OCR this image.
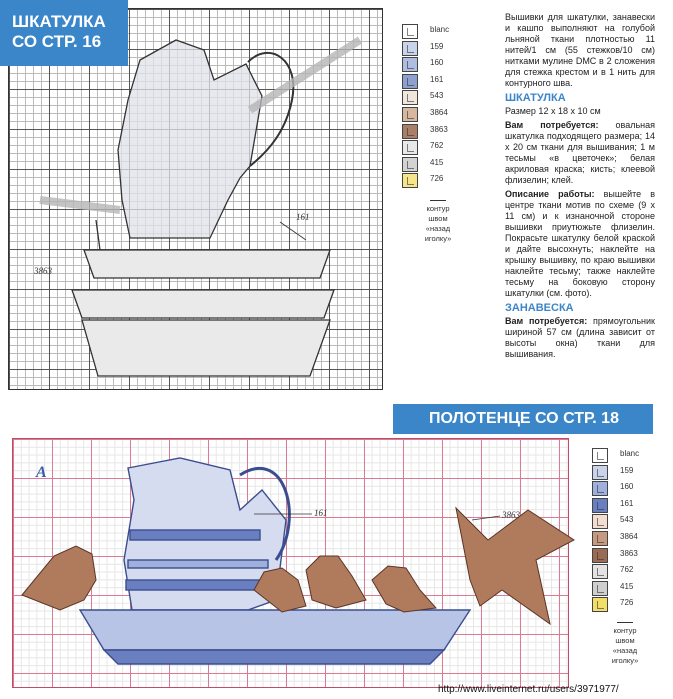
ШКАТУЛКА
СО СТР. 16
161
3863
blanc
159
160
161
543
3864
3863
762
415
726
контур
швом
«назад
иголку»

Вышивки для шкатулки, занавески и кашпо выполняют на голубой льняной ткани плотностью 11 нитей/1 см (55 стежков/10 см) нитками мулине DMC в 2 сложения для стежка крестом и в 1 нить для контурного шва.

ШКАТУЛКА

Размер 12 х 18 х 10 см

Вам потребуется: овальная шкатулка подходящего размера; 14 х 20 см ткани для вышивания; 1 м тесьмы «в цветочек»; белая акриловая краска; кисть; клеевой флизелин; клей.

Описание работы: вышейте в центре ткани мотив по схеме (9 х 11 см) и к изнаночной стороне вышивки приутюжьте флизелин. Покрасьте шкатулку белой краской и дайте высохнуть; наклейте на крышку вышивку, по краю вышивки наклейте тесьму; также наклейте тесьму на боковую сторону шкатулки (см. фото).

ЗАНАВЕСКА

Вам потребуется: прямоугольник шириной 57 см (длина зависит от высоты окна) ткани для вышивания.

ПОЛОТЕНЦЕ СО СТР. 18
A
161	3863
blanc
159
160
161
543
3864
3863
762
415
726
контур
швом
«назад
иголку»
http://www.liveinternet.ru/users/3971977/
